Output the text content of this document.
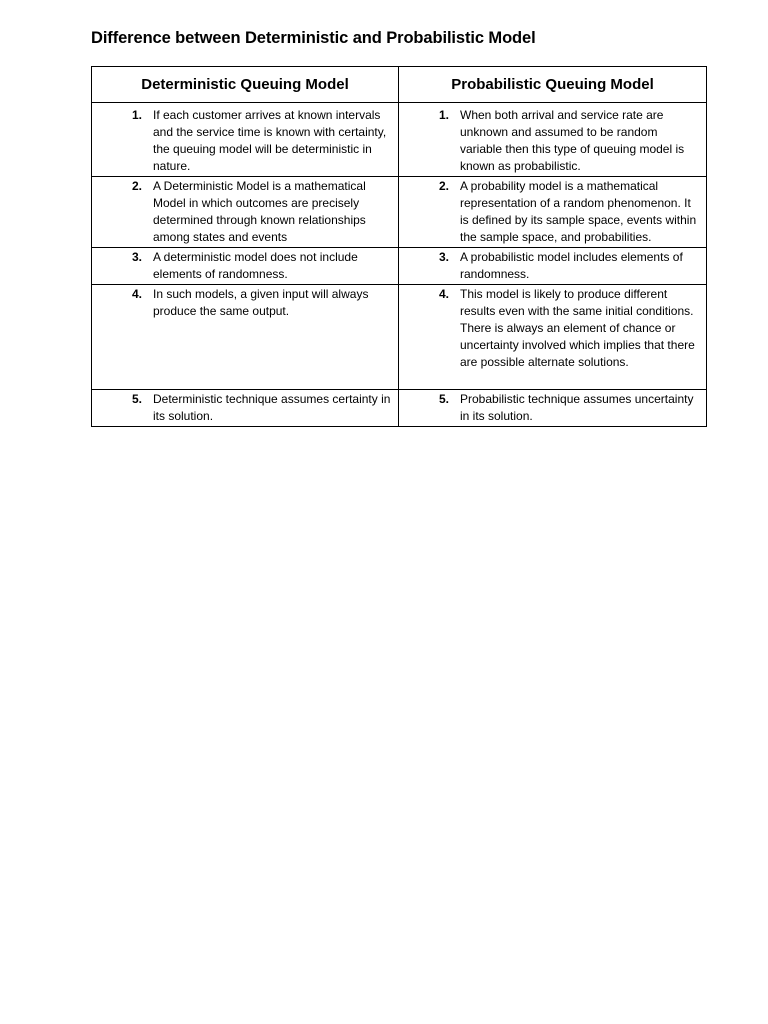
Difference between Deterministic and Probabilistic Model
Deterministic Queuing Model	Probabilistic Queuing Model

1. If each customer arrives at known intervals and the service time is known with certainty, the queuing model will be deterministic in nature.	1. When both arrival and service rate are unknown and assumed to be random variable then this type of queuing model is known as probabilistic.

2. A Deterministic Model is a mathematical Model in which outcomes are precisely determined through known relationships among states and events	2. A probability model is a mathematical representation of a random phenomenon. It is defined by its sample space, events within the sample space, and probabilities.

3. A deterministic model does not include elements of randomness.	3. A probabilistic model includes elements of randomness.

4. In such models, a given input will always produce the same output.	4. This model is likely to produce different results even with the same initial conditions. There is always an element of chance or uncertainty involved which implies that there are possible alternate solutions.

5. Deterministic technique assumes certainty in its solution.	5. Probabilistic technique assumes uncertainty in its solution.
